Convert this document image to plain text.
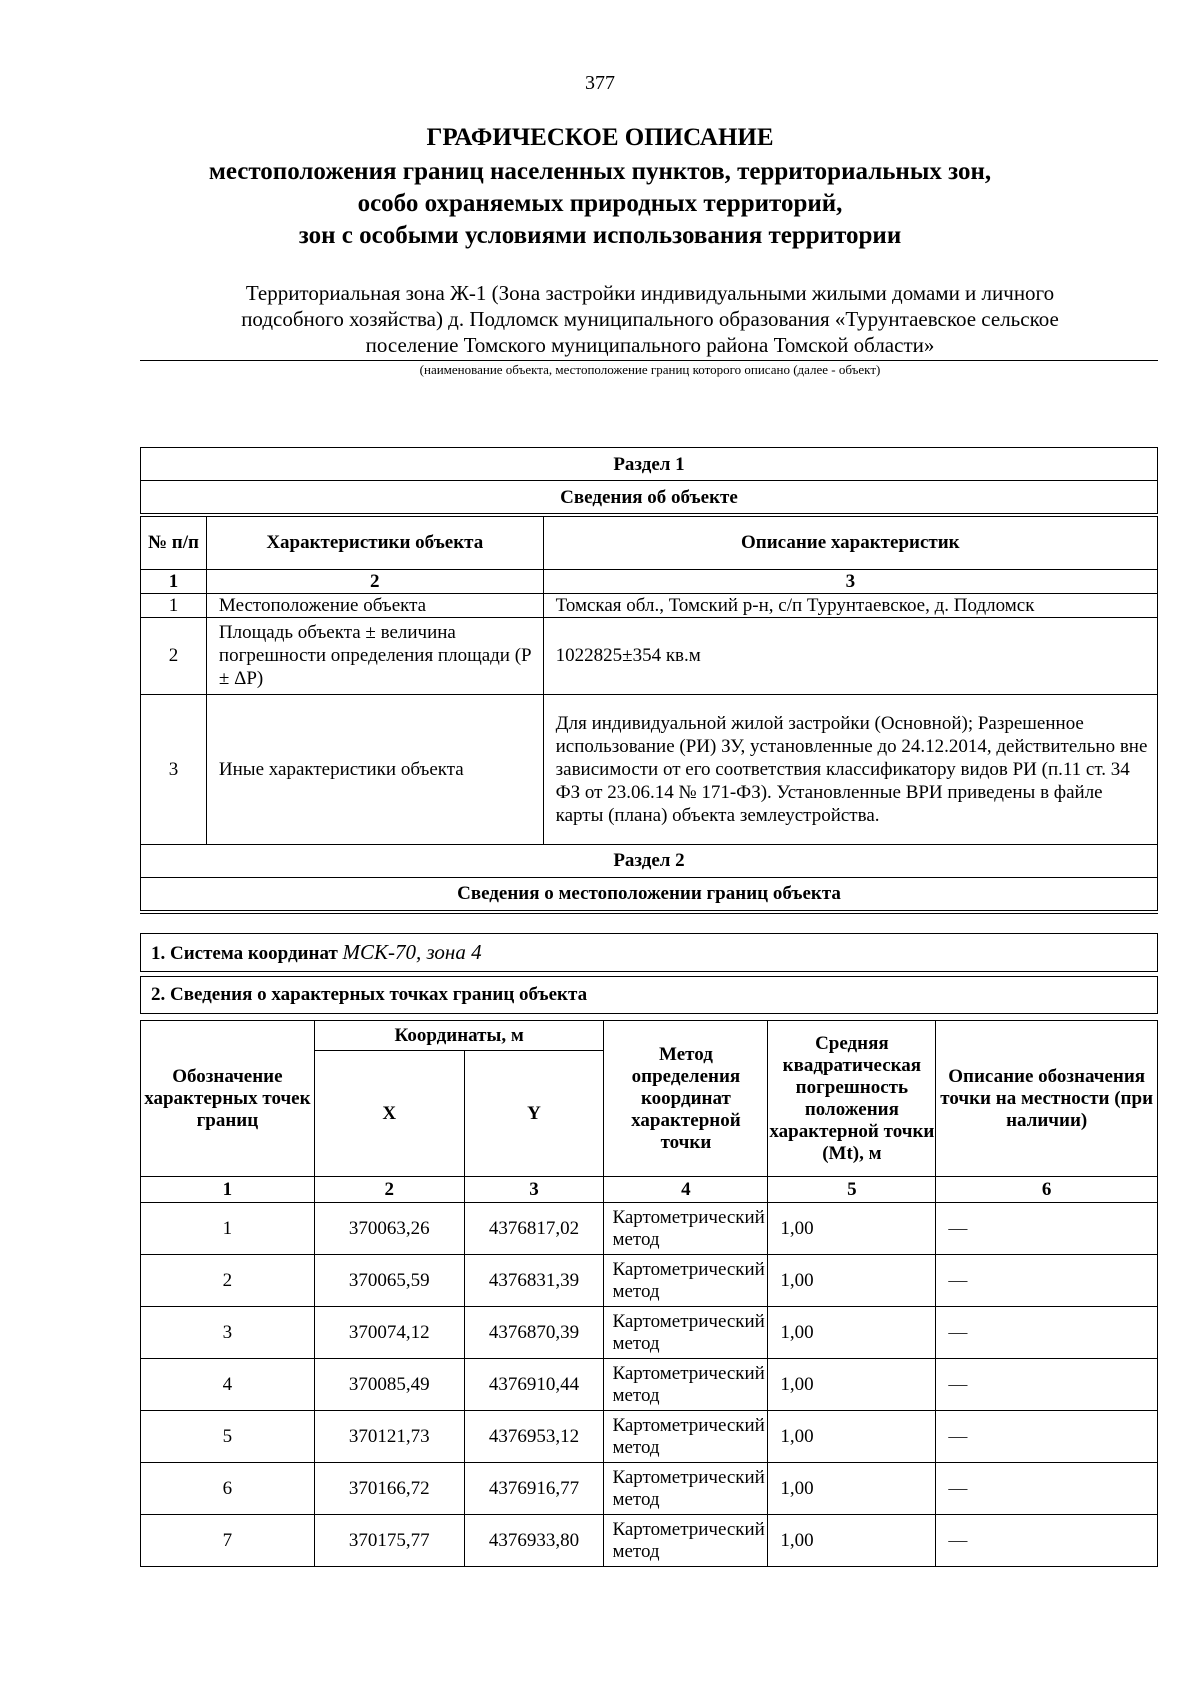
377
ГРАФИЧЕСКОЕ ОПИСАНИЕ
местоположения границ населенных пунктов, территориальных зон,
особо охраняемых природных территорий,
зон с особыми условиями использования территории
Территориальная зона Ж-1 (Зона застройки индивидуальными жилыми домами и личного
подсобного хозяйства) д. Подломск муниципального образования «Турунтаевское сельское
поселение Томского муниципального района Томской области»
(наименование объекта, местоположение границ которого описано (далее - объект)
Раздел 1		
Сведения об объекте		
№ п/п	Характеристики объекта	Описание характеристик
1	2	3
1	Местоположение объекта	Томская обл., Томский р-н, с/п Турунтаевское, д. Подломск
2	Площадь объекта ± величина погрешности определения площади (Р ± ΔР)	1022825±354 кв.м
3	Иные характеристики объекта	Для индивидуальной жилой застройки (Основной); Разрешенное использование (РИ) ЗУ, установленные до 24.12.2014, действительно вне зависимости от его соответствия классификатору видов РИ (п.11 ст. 34 ФЗ от 23.06.14 № 171-ФЗ). Установленные ВРИ приведены в файле карты (плана) объекта землеустройства.
Раздел 2		
Сведения о местоположении границ объекта		
1. Система координат МСК-70, зона 4
2. Сведения о характерных точках границ объекта
Обозначение характерных точек границ	Координаты, м		Метод определения координат характерной точки	Средняя квадратическая погрешность положения характерной точки (Mt), м	Описание обозначения точки на местности (при наличии)
	X	Y			
1	2	3	4	5	6
1	370063,26	4376817,02	Картометрический метод	1,00	—
2	370065,59	4376831,39	Картометрический метод	1,00	—
3	370074,12	4376870,39	Картометрический метод	1,00	—
4	370085,49	4376910,44	Картометрический метод	1,00	—
5	370121,73	4376953,12	Картометрический метод	1,00	—
6	370166,72	4376916,77	Картометрический метод	1,00	—
7	370175,77	4376933,80	Картометрический метод	1,00	—
